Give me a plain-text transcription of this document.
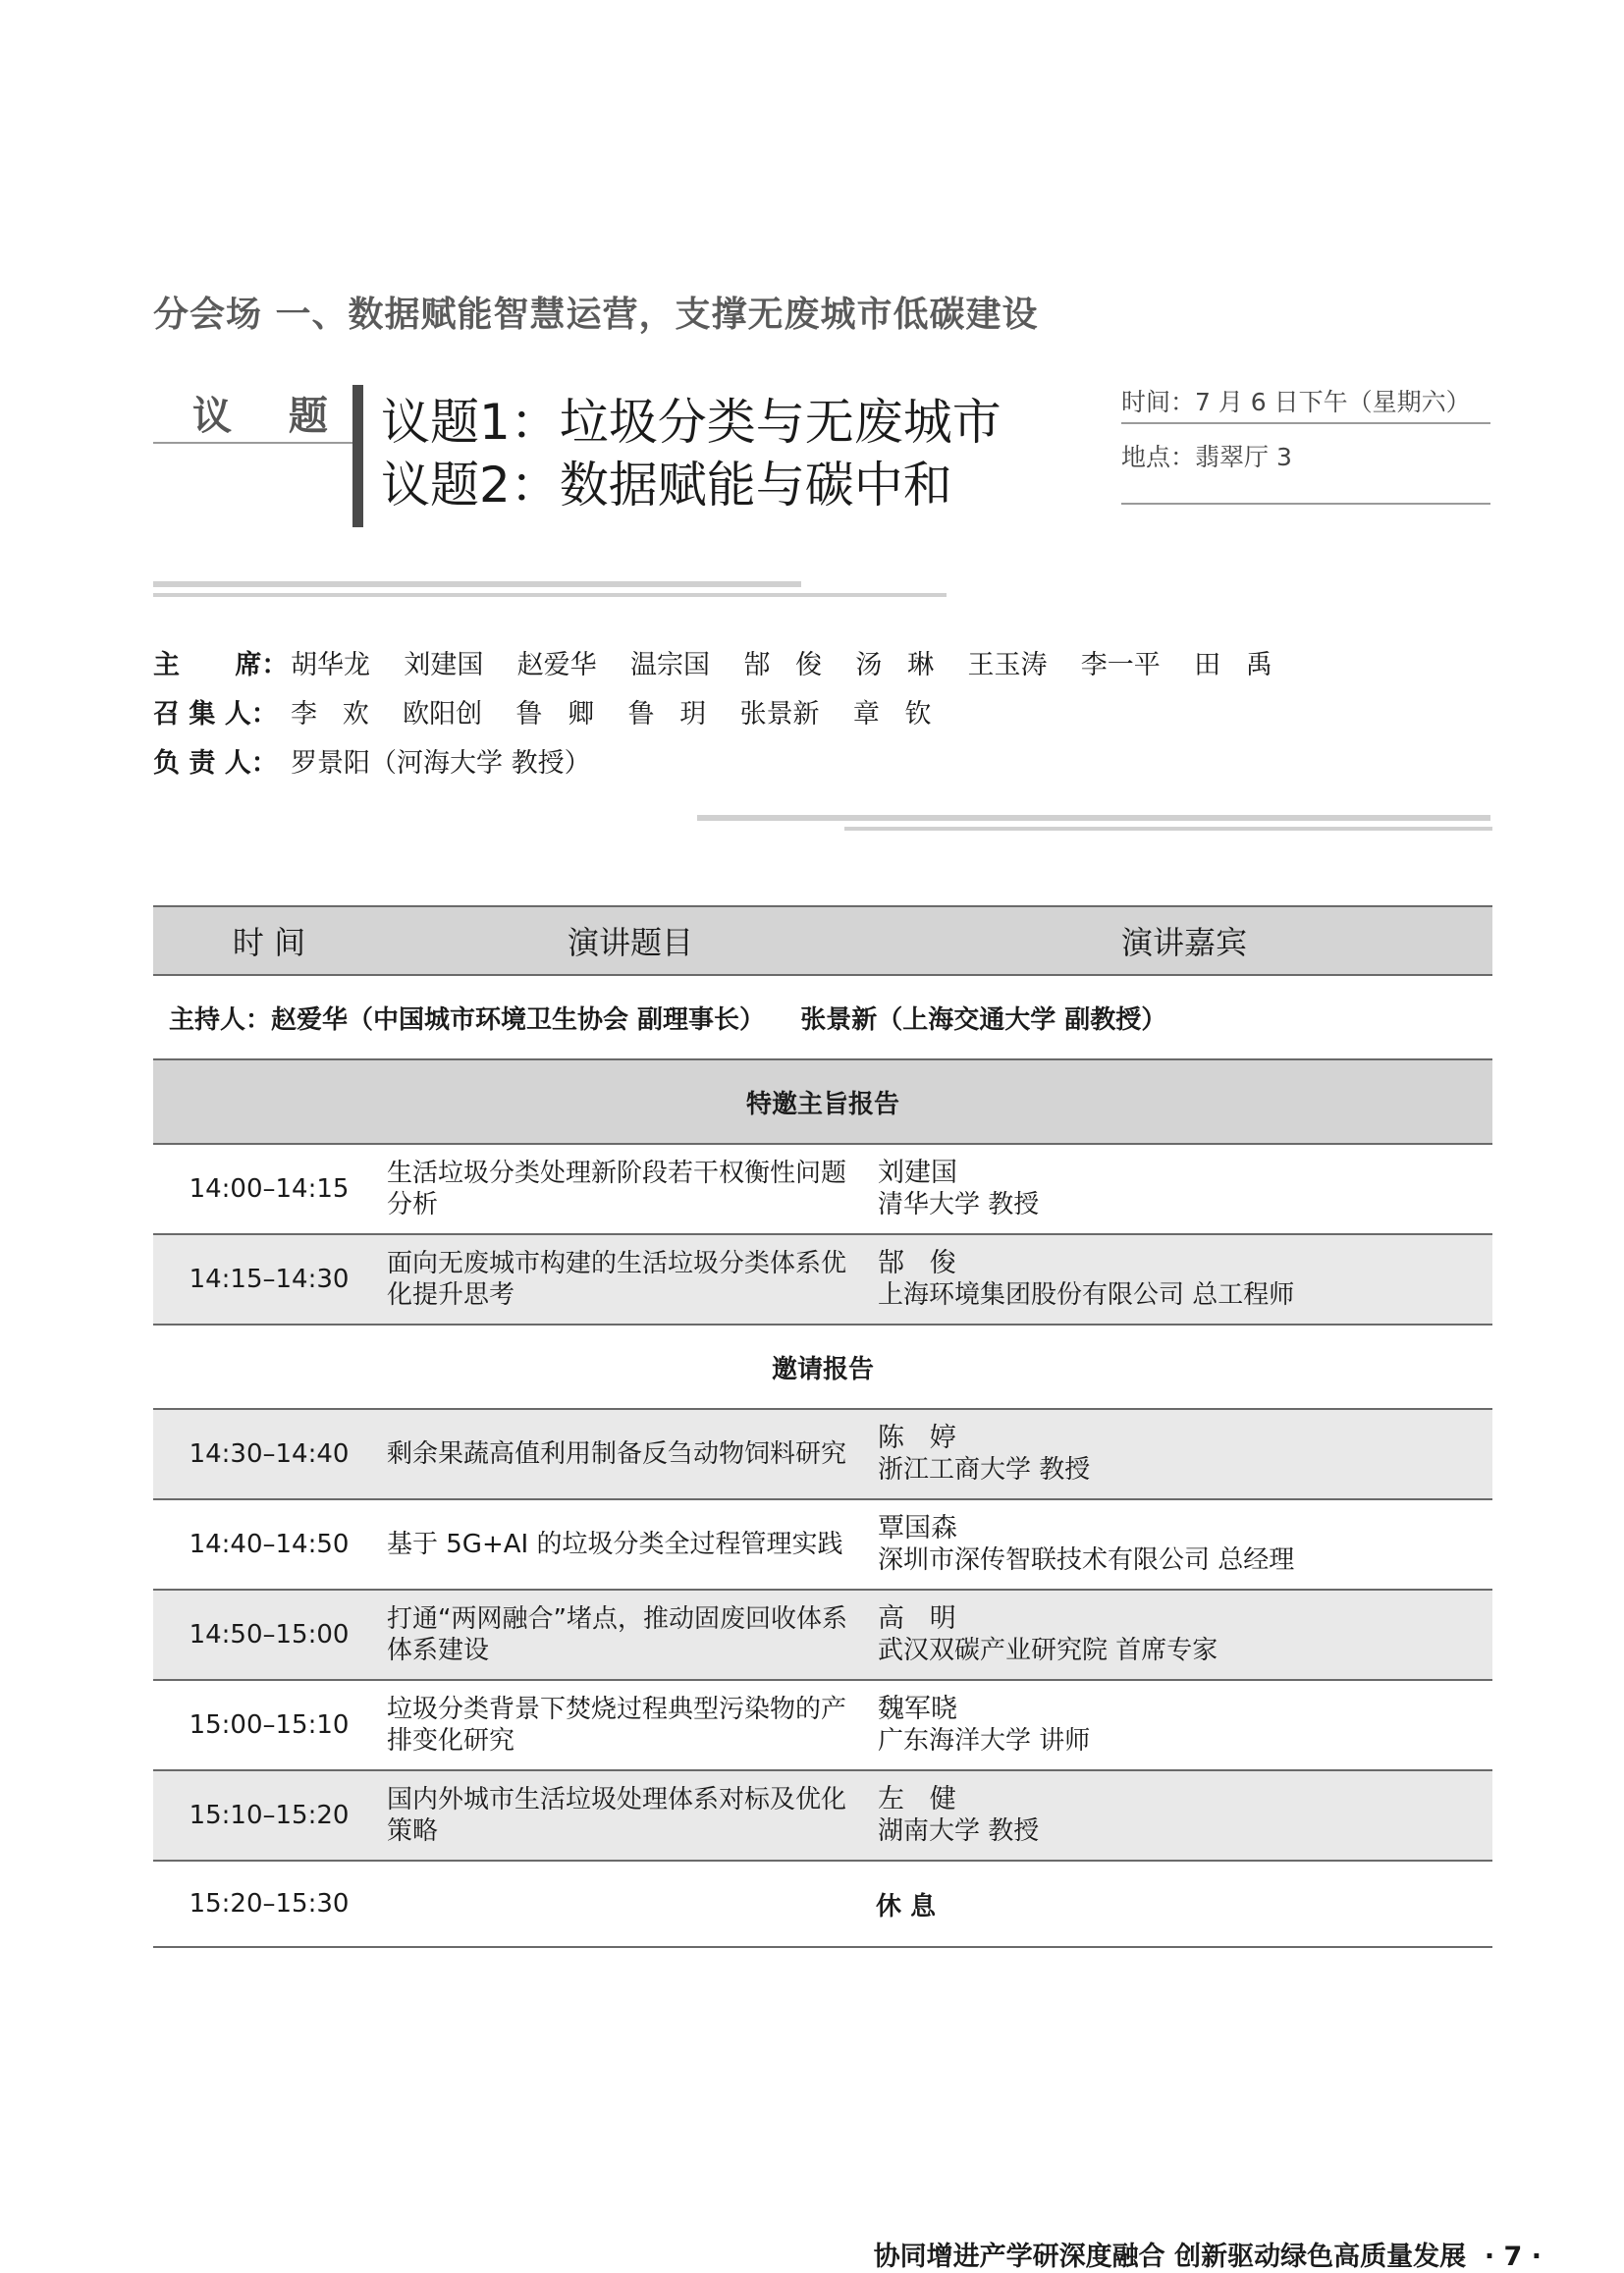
分会场 一、数据赋能智慧运营，支撑无废城市低碳建设
议 题 议题1：垃圾分类与无废城市
议题2：数据赋能与碳中和
时间：7 月 6 日下午（星期六）
地点：翡翠厅 3
主      席：胡华龙    刘建国    赵爱华    温宗国    郜   俊    汤   琳    王玉涛    李一平    田   禹
召 集 人： 李   欢    欧阳创    鲁   卿    鲁   玥    张景新    章   钦
负 责 人： 罗景阳（河海大学 教授）
时 间	演讲题目	演讲嘉宾
主持人：赵爱华（中国城市环境卫生协会 副理事长）    张景新（上海交通大学 副教授）		
特邀主旨报告		
14:00–14:15	生活垃圾分类处理新阶段若干权衡性问题分析	刘建国
清华大学 教授

14:15–14:30	面向无废城市构建的生活垃圾分类体系优化提升思考	郜   俊
上海环境集团股份有限公司 总工程师

邀请报告		
14:30–14:40	剩余果蔬高值利用制备反刍动物饲料研究	陈   婷
浙江工商大学 教授

14:40–14:50	基于 5G+AI 的垃圾分类全过程管理实践	覃国森
深圳市深传智联技术有限公司 总经理

14:50–15:00	打通“两网融合”堵点，推动固废回收体系体系建设	高   明
武汉双碳产业研究院 首席专家

15:00–15:10	垃圾分类背景下焚烧过程典型污染物的产排变化研究	魏军晓
广东海洋大学 讲师

15:10–15:20	国内外城市生活垃圾处理体系对标及优化策略	左   健
湖南大学 教授

15:20–15:30		休 息
协同增进产学研深度融合 创新驱动绿色高质量发展  · 7 ·
